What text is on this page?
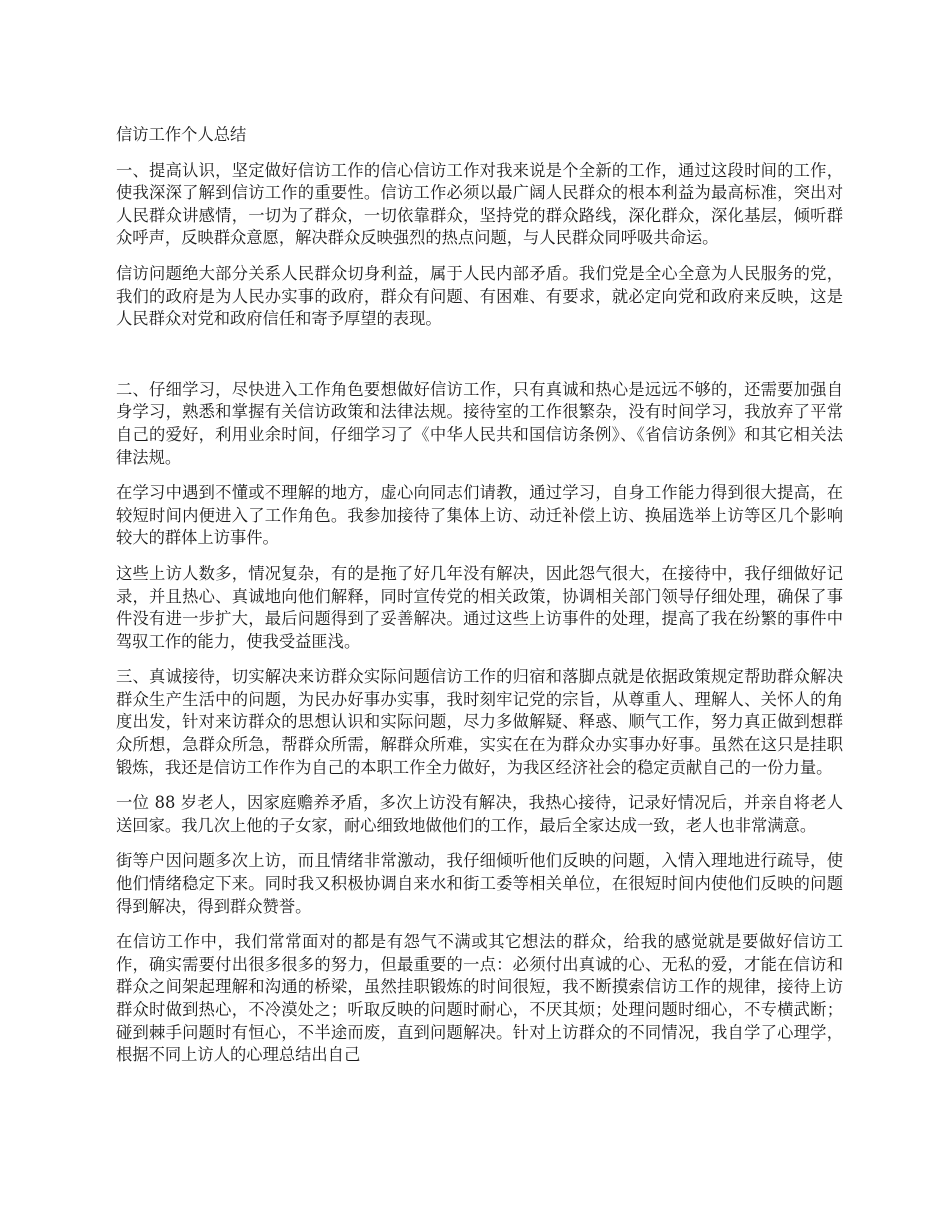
信访工作个人总结

一、提高认识，坚定做好信访工作的信心信访工作对我来说是个全新的工作，通过这段时间的工作，使我深深了解到信访工作的重要性。信访工作必须以最广阔人民群众的根本利益为最高标准，突出对人民群众讲感情，一切为了群众，一切依靠群众，坚持党的群众路线，深化群众，深化基层，倾听群众呼声，反映群众意愿，解决群众反映强烈的热点问题，与人民群众同呼吸共命运。

信访问题绝大部分关系人民群众切身利益，属于人民内部矛盾。我们党是全心全意为人民服务的党，我们的政府是为人民办实事的政府，群众有问题、有困难、有要求，就必定向党和政府来反映，这是人民群众对党和政府信任和寄予厚望的表现。

二、仔细学习，尽快进入工作角色要想做好信访工作，只有真诚和热心是远远不够的，还需要加强自身学习，熟悉和掌握有关信访政策和法律法规。接待室的工作很繁杂，没有时间学习，我放弃了平常自己的爱好，利用业余时间，仔细学习了《中华人民共和国信访条例》、《省信访条例》和其它相关法律法规。

在学习中遇到不懂或不理解的地方，虚心向同志们请教，通过学习，自身工作能力得到很大提高，在较短时间内便进入了工作角色。我参加接待了集体上访、动迁补偿上访、换届选举上访等区几个影响较大的群体上访事件。

这些上访人数多，情况复杂，有的是拖了好几年没有解决，因此怨气很大，在接待中，我仔细做好记录，并且热心、真诚地向他们解释，同时宣传党的相关政策，协调相关部门领导仔细处理，确保了事件没有进一步扩大，最后问题得到了妥善解决。通过这些上访事件的处理，提高了我在纷繁的事件中驾驭工作的能力，使我受益匪浅。

三、真诚接待，切实解决来访群众实际问题信访工作的归宿和落脚点就是依据政策规定帮助群众解决群众生产生活中的问题，为民办好事办实事，我时刻牢记党的宗旨，从尊重人、理解人、关怀人的角度出发，针对来访群众的思想认识和实际问题，尽力多做解疑、释惑、顺气工作，努力真正做到想群众所想，急群众所急，帮群众所需，解群众所难，实实在在为群众办实事办好事。虽然在这只是挂职锻炼，我还是信访工作作为自己的本职工作全力做好，为我区经济社会的稳定贡献自己的一份力量。

一位 88 岁老人，因家庭赡养矛盾，多次上访没有解决，我热心接待，记录好情况后，并亲自将老人送回家。我几次上他的子女家，耐心细致地做他们的工作，最后全家达成一致，老人也非常满意。

街等户因问题多次上访，而且情绪非常激动，我仔细倾听他们反映的问题，入情入理地进行疏导，使他们情绪稳定下来。同时我又积极协调自来水和街工委等相关单位，在很短时间内使他们反映的问题得到解决，得到群众赞誉。

在信访工作中，我们常常面对的都是有怨气不满或其它想法的群众，给我的感觉就是要做好信访工作，确实需要付出很多很多的努力，但最重要的一点：必须付出真诚的心、无私的爱，才能在信访和群众之间架起理解和沟通的桥梁，虽然挂职锻炼的时间很短，我不断摸索信访工作的规律，接待上访群众时做到热心，不冷漠处之；听取反映的问题时耐心，不厌其烦；处理问题时细心，不专横武断；碰到棘手问题时有恒心，不半途而废，直到问题解决。针对上访群众的不同情况，我自学了心理学，根据不同上访人的心理总结出自己
